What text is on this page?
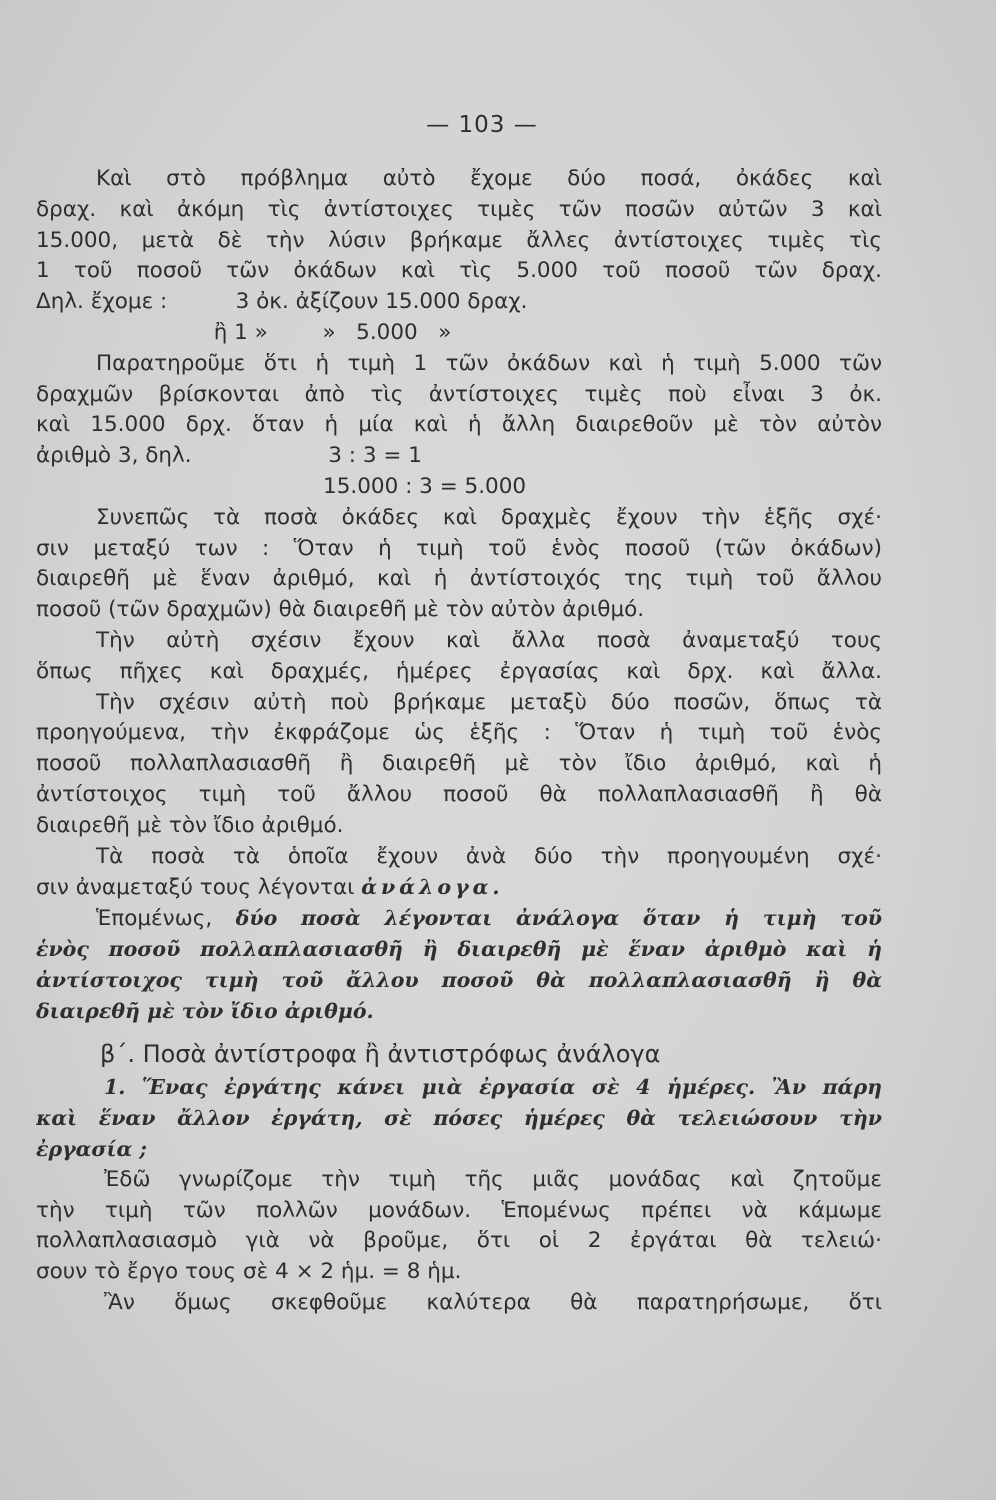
— 103 —
Καὶ στὸ πρόβλημα αὐτὸ ἔχομε δύο ποσά, ὀκάδες καὶ
δραχ. καὶ ἀκόμη τὶς ἀντίστοιχες τιμὲς τῶν ποσῶν αὐτῶν 3 καὶ
15.000, μετὰ δὲ τὴν λύσιν βρήκαμε ἄλλες ἀντίστοιχες τιμὲς τὶς
1 τοῦ ποσοῦ τῶν ὀκάδων καὶ τὶς 5.000 τοῦ ποσοῦ τῶν δραχ.
Δηλ. ἔχομε :          3 ὀκ. ἀξίζουν 15.000 δραχ.
ἢ 1 »        »   5.000   »
Παρατηροῦμε ὅτι ἡ τιμὴ 1 τῶν ὀκάδων καὶ ἡ τιμὴ 5.000 τῶν
δραχμῶν βρίσκονται ἀπὸ τὶς ἀντίστοιχες τιμὲς ποὺ εἶναι 3 ὀκ.
καὶ 15.000 δρχ. ὅταν ἡ μία καὶ ἡ ἄλλη διαιρεθοῦν μὲ τὸν αὐτὸν
ἀριθμὸ 3, δηλ.                    3 : 3 = 1
15.000 : 3 = 5.000
Συνεπῶς τὰ ποσὰ ὀκάδες καὶ δραχμὲς ἔχουν τὴν ἑξῆς σχέ·
σιν μεταξύ των : Ὅταν ἡ τιμὴ τοῦ ἑνὸς ποσοῦ (τῶν ὀκάδων)
διαιρεθῆ μὲ ἕναν ἀριθμό, καὶ ἡ ἀντίστοιχός της τιμὴ τοῦ ἄλλου
ποσοῦ (τῶν δραχμῶν) θὰ διαιρεθῆ μὲ τὸν αὐτὸν ἀριθμό.
Τὴν αὐτὴ σχέσιν ἔχουν καὶ ἄλλα ποσὰ ἀναμεταξύ τους
ὅπως πῆχες καὶ δραχμές, ἡμέρες ἐργασίας καὶ δρχ. καὶ ἄλλα.
Τὴν σχέσιν αὐτὴ ποὺ βρήκαμε μεταξὺ δύο ποσῶν, ὅπως τὰ
προηγούμενα, τὴν ἐκφράζομε ὡς ἑξῆς : Ὅταν ἡ τιμὴ τοῦ ἑνὸς
ποσοῦ πολλαπλασιασθῆ ἢ διαιρεθῆ μὲ τὸν ἴδιο ἀριθμό, καὶ ἡ
ἀντίστοιχος τιμὴ τοῦ ἄλλου ποσοῦ θὰ πολλαπλασιασθῆ ἢ θὰ
διαιρεθῆ μὲ τὸν ἴδιο ἀριθμό.
Τὰ ποσὰ τὰ ὁποῖα ἔχουν ἀνὰ δύο τὴν προηγουμένη σχέ·
σιν ἀναμεταξύ τους λέγονται ἀνάλογα.
Ἑπομένως, δύο ποσὰ λέγονται ἀνάλογα ὅταν ἡ τιμὴ τοῦ
ἑνὸς ποσοῦ πολλαπλασιασθῆ ἢ διαιρεθῆ μὲ ἕναν ἀριθμὸ καὶ ἡ
ἀντίστοιχος τιμὴ τοῦ ἄλλου ποσοῦ θὰ πολλαπλασιασθῆ ἢ θὰ
διαιρεθῆ μὲ τὸν ἴδιο ἀριθμό.
β΄. Ποσὰ ἀντίστροφα ἢ ἀντιστρόφως ἀνάλογα
1. Ἕνας ἐργάτης κάνει μιὰ ἐργασία σὲ 4 ἡμέρες. Ἂν πάρη
καὶ ἕναν ἄλλον ἐργάτη, σὲ πόσες ἡμέρες θὰ τελειώσουν τὴν
ἐργασία ;
Ἐδῶ γνωρίζομε τὴν τιμὴ τῆς μιᾶς μονάδας καὶ ζητοῦμε
τὴν τιμὴ τῶν πολλῶν μονάδων. Ἑπομένως πρέπει νὰ κάμωμε
πολλαπλασιασμὸ γιὰ νὰ βροῦμε, ὅτι οἱ 2 ἐργάται θὰ τελειώ·
σουν τὸ ἔργο τους σὲ 4 × 2 ἡμ. = 8 ἡμ.
Ἂν ὅμως σκεφθοῦμε καλύτερα θὰ παρατηρήσωμε, ὅτι
